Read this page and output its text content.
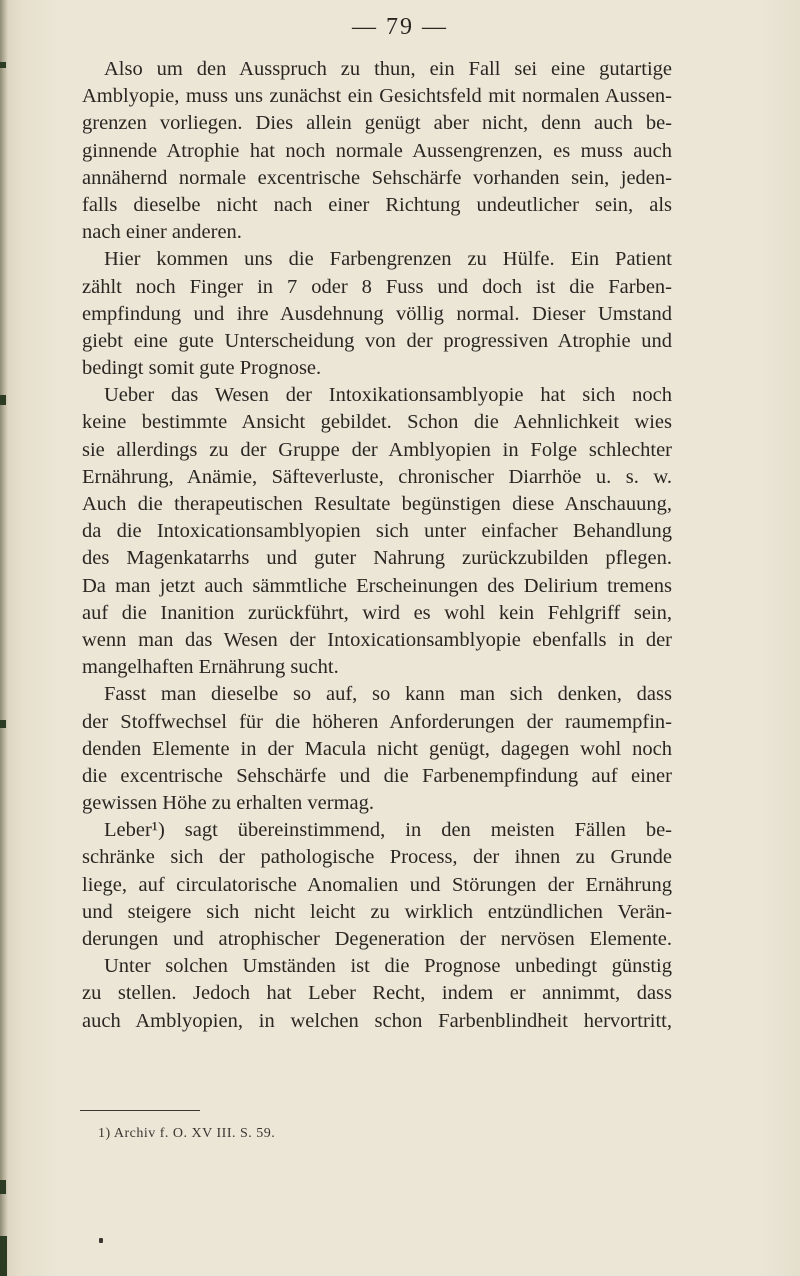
— 79 —
Also um den Ausspruch zu thun, ein Fall sei eine gutartige
Amblyopie, muss uns zunächst ein Gesichtsfeld mit normalen Aussen-
grenzen vorliegen. Dies allein genügt aber nicht, denn auch be-
ginnende Atrophie hat noch normale Aussengrenzen, es muss auch
annähernd normale excentrische Sehschärfe vorhanden sein, jeden-
falls dieselbe nicht nach einer Richtung undeutlicher sein, als
nach einer anderen.
Hier kommen uns die Farbengrenzen zu Hülfe. Ein Patient
zählt noch Finger in 7 oder 8 Fuss und doch ist die Farben-
empfindung und ihre Ausdehnung völlig normal. Dieser Umstand
giebt eine gute Unterscheidung von der progressiven Atrophie und
bedingt somit gute Prognose.
Ueber das Wesen der Intoxikationsamblyopie hat sich noch
keine bestimmte Ansicht gebildet. Schon die Aehnlichkeit wies
sie allerdings zu der Gruppe der Amblyopien in Folge schlechter
Ernährung, Anämie, Säfteverluste, chronischer Diarrhöe u. s. w.
Auch die therapeutischen Resultate begünstigen diese Anschauung,
da die Intoxicationsamblyopien sich unter einfacher Behandlung
des Magenkatarrhs und guter Nahrung zurückzubilden pflegen.
Da man jetzt auch sämmtliche Erscheinungen des Delirium tremens
auf die Inanition zurückführt, wird es wohl kein Fehlgriff sein,
wenn man das Wesen der Intoxicationsamblyopie ebenfalls in der
mangelhaften Ernährung sucht.
Fasst man dieselbe so auf, so kann man sich denken, dass
der Stoffwechsel für die höheren Anforderungen der raumempfin-
denden Elemente in der Macula nicht genügt, dagegen wohl noch
die excentrische Sehschärfe und die Farbenempfindung auf einer
gewissen Höhe zu erhalten vermag.
Leber¹) sagt übereinstimmend, in den meisten Fällen be-
schränke sich der pathologische Process, der ihnen zu Grunde
liege, auf circulatorische Anomalien und Störungen der Ernährung
und steigere sich nicht leicht zu wirklich entzündlichen Verän-
derungen und atrophischer Degeneration der nervösen Elemente.
Unter solchen Umständen ist die Prognose unbedingt günstig
zu stellen. Jedoch hat Leber Recht, indem er annimmt, dass
auch Amblyopien, in welchen schon Farbenblindheit hervortritt,
1) Archiv f. O. XV III. S. 59.
